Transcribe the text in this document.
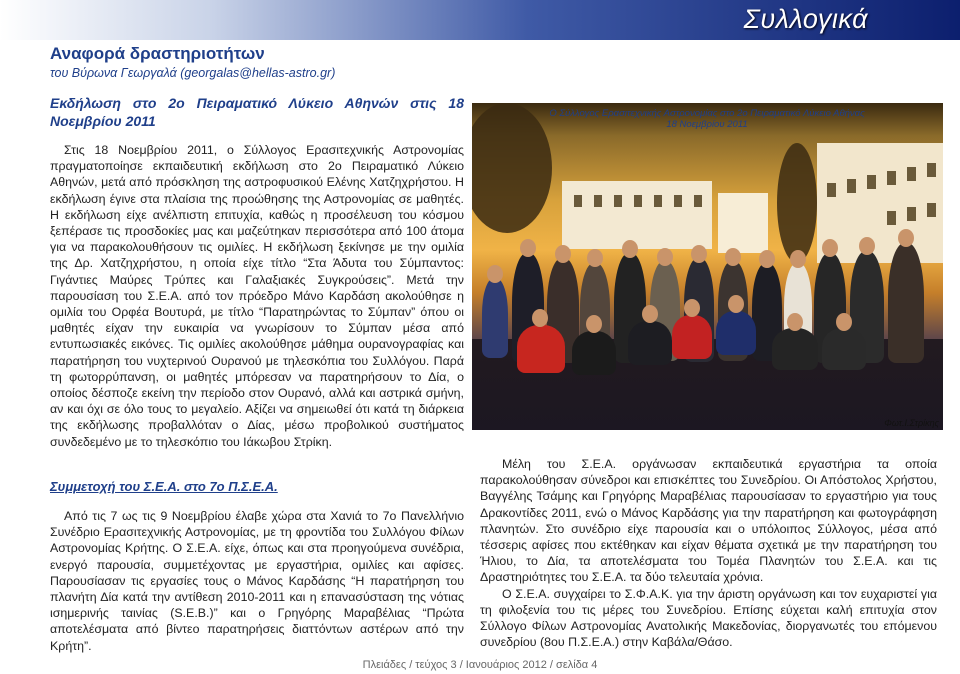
Συλλογικά
Αναφορά δραστηριοτήτων
του Βύρωνα Γεωργαλά (georgalas@hellas-astro.gr)
Εκδήλωση στο 2ο Πειραματικό Λύκειο Αθηνών στις 18 Νοεμβρίου 2011

Στις 18 Νοεμβρίου 2011, ο Σύλλογος Ερασιτεχνικής Αστρονομίας πραγματοποίησε εκπαιδευτική εκδήλωση στο 2ο Πειραματικό Λύκειο Αθηνών, μετά από πρόσκληση της αστροφυσικού Ελένης Χατζηχρήστου. Η εκδήλωση έγινε στα πλαίσια της προώθησης της Αστρονομίας σε μαθητές. Η εκδήλωση είχε ανέλπιστη επιτυχία, καθώς η προσέλευση του κόσμου ξεπέρασε τις προσδοκίες μας και μαζεύτηκαν περισσότερα από 100 άτομα για να παρακολουθήσουν τις ομιλίες. Η εκδήλωση ξεκίνησε με την ομιλία της Δρ. Χατζηχρήστου, η οποία είχε τίτλο “Στα Άδυτα του Σύμπαντος: Γιγάντιες Μαύρες Τρύπες και Γαλαξιακές Συγκρούσεις”. Μετά την παρουσίαση του Σ.Ε.Α. από τον πρόεδρο Μάνο Καρδάση ακολούθησε η ομιλία του Ορφέα Βουτυρά, με τίτλο “Παρατηρώντας το Σύμπαν” όπου οι μαθητές είχαν την ευκαιρία να γνωρίσουν το Σύμπαν μέσα από εντυπωσιακές εικόνες. Τις ομιλίες ακολούθησε μάθημα ουρανογραφίας και παρατήρηση του νυχτερινού Ουρανού με τηλεσκόπια του Συλλόγου. Παρά τη φωτορρύπανση, οι μαθητές μπόρεσαν να παρατηρήσουν το Δία, ο οποίος δέσποζε εκείνη την περίοδο στον Ουρανό, αλλά και αστρικά σμήνη, αν και όχι σε όλο τους το μεγαλείο. Αξίζει να σημειωθεί ότι κατά τη διάρκεια της εκδήλωσης προβαλλόταν ο Δίας, μέσω προβολικού συστήματος συνδεδεμένο με το τηλεσκόπιο του Ιάκωβου Στρίκη.

Συμμετοχή του Σ.Ε.Α. στο 7ο Π.Σ.Ε.Α.

Από τις 7 ως τις 9 Νοεμβρίου έλαβε χώρα στα Χανιά το 7ο Πανελλήνιο Συνέδριο Ερασιτεχνικής Αστρονομίας, με τη φροντίδα του Συλλόγου Φίλων Αστρονομίας Κρήτης. Ο Σ.Ε.Α. είχε, όπως και στα προηγούμενα συνέδρια, ενεργό παρουσία, συμμετέχοντας με εργαστήρια, ομιλίες και αφίσες. Παρουσίασαν τις εργασίες τους ο Μάνος Καρδάσης “Η παρατήρηση του πλανήτη Δία κατά την αντίθεση 2010-2011 και η επανασύσταση της νότιας ισημερινής ταινίας (S.E.B.)” και ο Γρηγόρης Μαραβέλιας “Πρώτα αποτελέσματα από βίντεο παρατηρήσεις διαττόντων αστέρων από την Κρήτη”.

Φωτ.Ι.Στρίκης
Ο Σύλλογος Ερασιτεχνικής Αστρονομίας στο 2ο Πειραματικό Λύκειο Αθήνας
18 Νοεμβρίου 2011

Μέλη του Σ.Ε.Α. οργάνωσαν εκπαιδευτικά εργαστήρια τα οποία παρακολούθησαν σύνεδροι και επισκέπτες του Συνεδρίου. Οι Απόστολος Χρήστου, Βαγγέλης Τσάμης και Γρηγόρης Μαραβέλιας παρουσίασαν το εργαστήριο για τους Δρακοντίδες 2011, ενώ ο Μάνος Καρδάσης για την παρατήρηση και φωτογράφηση πλανητών. Στο συνέδριο είχε παρουσία και ο υπόλοιπος Σύλλογος, μέσα από τέσσερις αφίσες που εκτέθηκαν και είχαν θέματα σχετικά με την παρατήρηση του Ήλιου, το Δία, τα αποτελέσματα του Τομέα Πλανητών του Σ.Ε.Α. και τις Δραστηριότητες του Σ.Ε.Α. τα δύο τελευταία χρόνια.

Ο Σ.Ε.Α. συγχαίρει το Σ.Φ.Α.Κ. για την άριστη οργάνωση και τον ευχαριστεί για τη φιλοξενία του τις μέρες του Συνεδρίου. Επίσης εύχεται καλή επιτυχία στον Σύλλογο Φίλων Αστρονομίας Ανατολικής Μακεδονίας, διοργανωτές του επόμενου συνεδρίου (8ου Π.Σ.Ε.Α.) στην Καβάλα/Θάσο.

Πλειάδες / τεύχος 3 / Ιανουάριος 2012 / σελίδα 4
